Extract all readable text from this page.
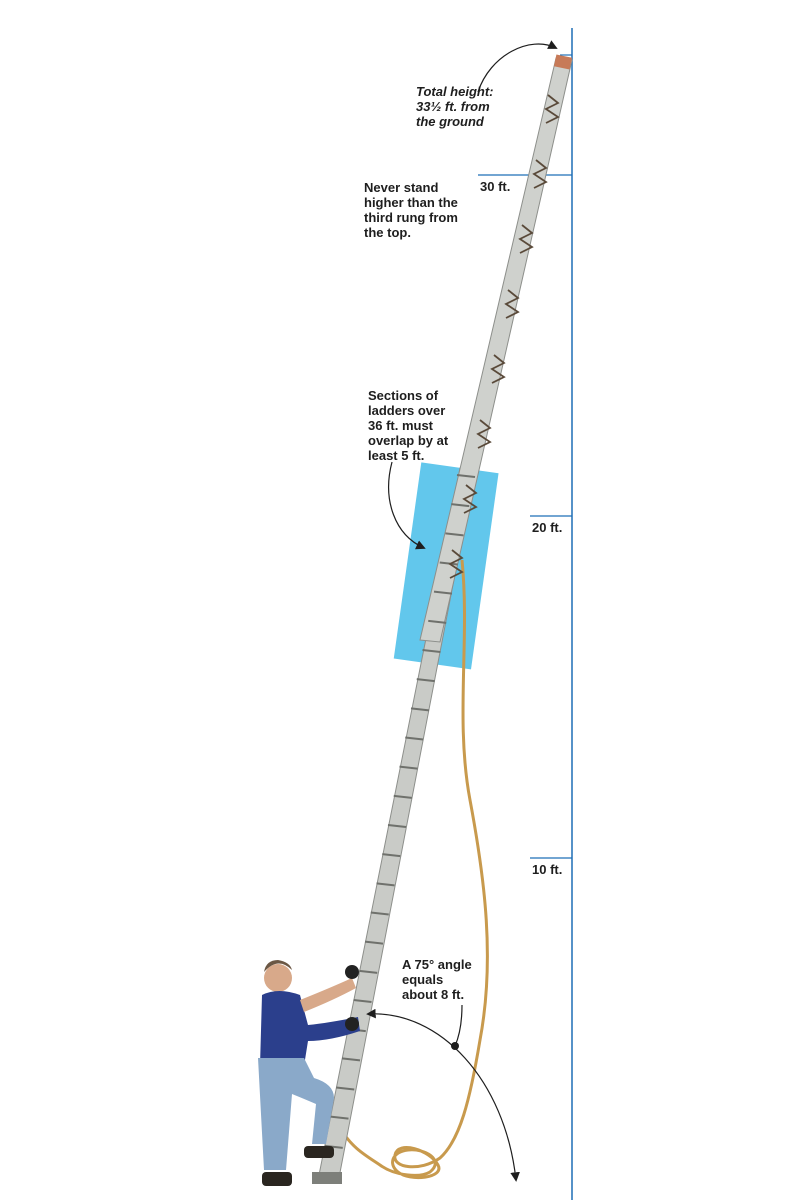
Total height:
33½ ft. from
the ground
Never stand
higher than the
third rung from
the top.
Sections of
ladders over
36 ft. must
overlap by at
least 5 ft.
A 75° angle
equals
about 8 ft.
30 ft.
20 ft.
10 ft.
